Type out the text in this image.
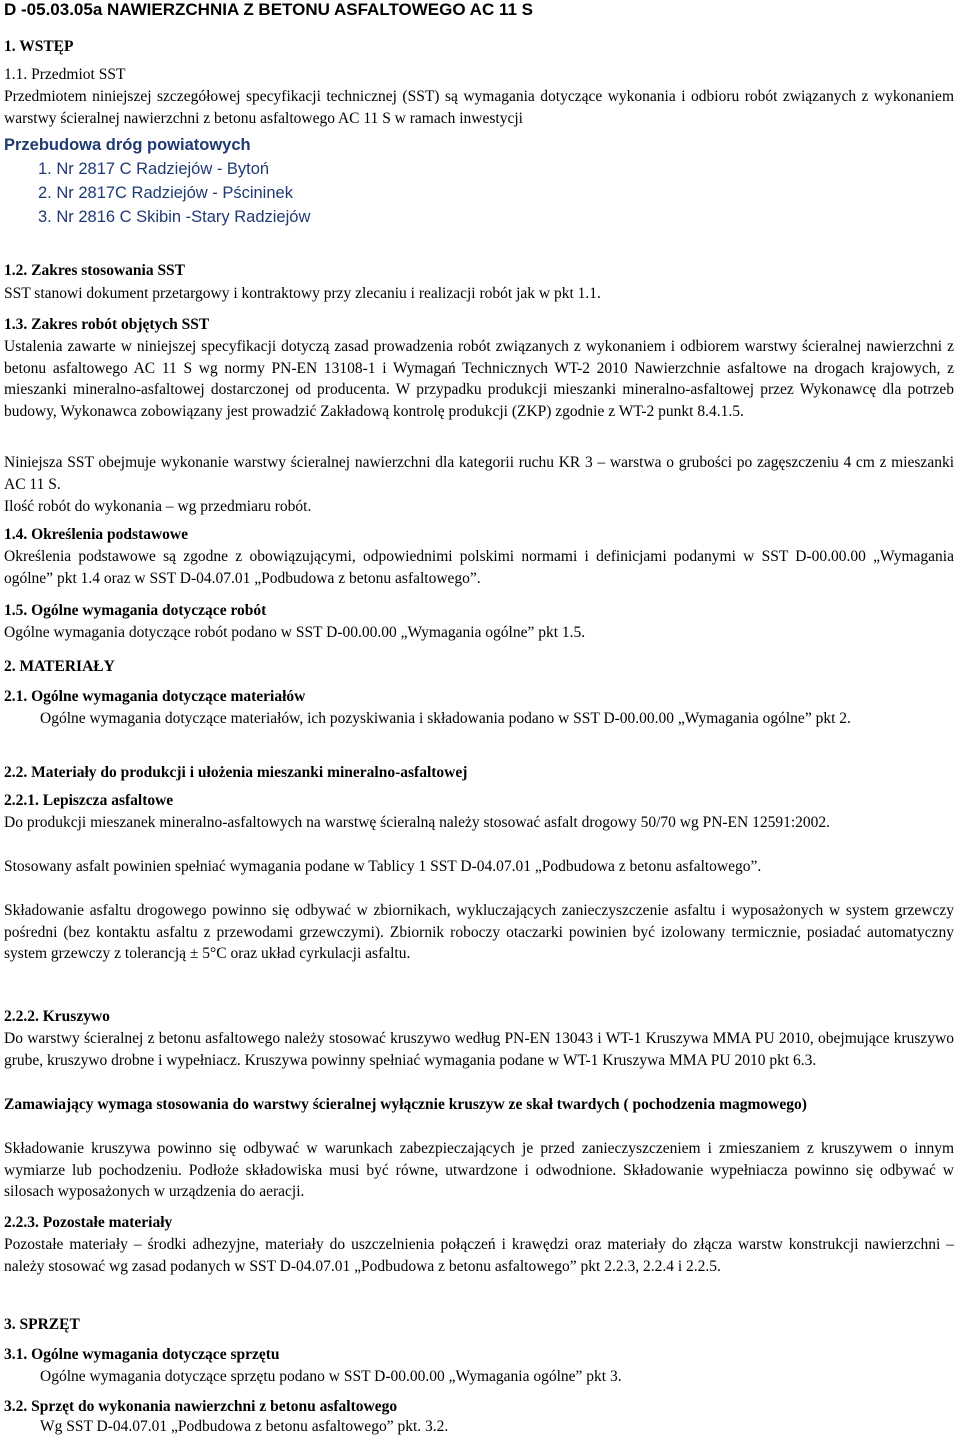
D -05.03.05a NAWIERZCHNIA Z BETONU ASFALTOWEGO AC 11 S
1. WSTĘP
1.1. Przedmiot SST
Przedmiotem niniejszej szczegółowej specyfikacji technicznej (SST) są wymagania dotyczące wykonania i odbioru robót związanych z wykonaniem warstwy ścieralnej nawierzchni z betonu asfaltowego AC 11 S w ramach inwestycji
Przebudowa dróg powiatowych
1. Nr 2817 C Radziejów - Bytoń
2. Nr 2817C Radziejów - Pścininek
3. Nr 2816 C Skibin -Stary Radziejów
1.2. Zakres stosowania SST
SST stanowi dokument przetargowy i kontraktowy przy zlecaniu i realizacji robót jak w pkt 1.1.
1.3. Zakres robót objętych SST
Ustalenia zawarte w niniejszej specyfikacji dotyczą zasad prowadzenia robót związanych z wykonaniem i odbiorem warstwy ścieralnej nawierzchni z betonu asfaltowego AC 11 S wg normy PN-EN 13108-1 i Wymagań Technicznych WT-2 2010 Nawierzchnie asfaltowe na drogach krajowych, z mieszanki mineralno-asfaltowej dostarczonej od producenta. W przypadku produkcji mieszanki mineralno-asfaltowej przez Wykonawcę dla potrzeb budowy, Wykonawca zobowiązany jest prowadzić Zakładową kontrolę produkcji (ZKP) zgodnie z WT-2 punkt 8.4.1.5.
Niniejsza SST obejmuje wykonanie warstwy ścieralnej nawierzchni dla kategorii ruchu KR 3 – warstwa o grubości po zagęszczeniu 4 cm z mieszanki AC 11 S.
Ilość robót do wykonania – wg przedmiaru robót.
1.4. Określenia podstawowe
Określenia podstawowe są zgodne z obowiązującymi, odpowiednimi polskimi normami i definicjami podanymi w SST D-00.00.00 „Wymagania ogólne” pkt 1.4 oraz w SST D-04.07.01 „Podbudowa z betonu asfaltowego”.
1.5. Ogólne wymagania dotyczące robót
Ogólne wymagania dotyczące robót podano w SST D-00.00.00 „Wymagania ogólne” pkt 1.5.
2. MATERIAŁY
2.1. Ogólne wymagania dotyczące materiałów
Ogólne wymagania dotyczące materiałów, ich pozyskiwania i składowania podano w SST D-00.00.00 „Wymagania ogólne” pkt 2.
2.2. Materiały do produkcji i ułożenia mieszanki mineralno-asfaltowej
2.2.1. Lepiszcza asfaltowe
Do produkcji mieszanek mineralno-asfaltowych na warstwę ścieralną należy stosować asfalt drogowy 50/70 wg PN-EN 12591:2002.
Stosowany asfalt powinien spełniać wymagania podane w Tablicy 1 SST D-04.07.01 „Podbudowa z betonu asfaltowego”.
Składowanie asfaltu drogowego powinno się odbywać w zbiornikach, wykluczających zanieczyszczenie asfaltu i wyposażonych w system grzewczy pośredni (bez kontaktu asfaltu z przewodami grzewczymi). Zbiornik roboczy otaczarki powinien być izolowany termicznie, posiadać automatyczny system grzewczy z tolerancją ± 5°C oraz układ cyrkulacji asfaltu.
2.2.2. Kruszywo
Do warstwy ścieralnej z betonu asfaltowego należy stosować kruszywo według PN-EN 13043 i WT-1 Kruszywa MMA PU 2010, obejmujące kruszywo grube, kruszywo drobne i wypełniacz. Kruszywa powinny spełniać wymagania podane w WT-1 Kruszywa MMA PU 2010 pkt 6.3.
Zamawiający wymaga stosowania do warstwy ścieralnej wyłącznie kruszyw ze skał twardych ( pochodzenia magmowego)
Składowanie kruszywa powinno się odbywać w warunkach zabezpieczających je przed zanieczyszczeniem i zmieszaniem z kruszywem o innym wymiarze lub pochodzeniu. Podłoże składowiska musi być równe, utwardzone i odwodnione. Składowanie wypełniacza powinno się odbywać w silosach wyposażonych w urządzenia do aeracji.
2.2.3. Pozostałe materiały
Pozostałe materiały – środki adhezyjne, materiały do uszczelnienia połączeń i krawędzi oraz materiały do złącza warstw konstrukcji nawierzchni – należy stosować wg zasad podanych w SST D-04.07.01 „Podbudowa z betonu asfaltowego” pkt 2.2.3, 2.2.4 i 2.2.5.
3. SPRZĘT
3.1. Ogólne wymagania dotyczące sprzętu
Ogólne wymagania dotyczące sprzętu podano w SST D-00.00.00 „Wymagania ogólne” pkt 3.
3.2. Sprzęt do wykonania nawierzchni z betonu asfaltowego
Wg SST D-04.07.01 „Podbudowa z betonu asfaltowego” pkt. 3.2.
